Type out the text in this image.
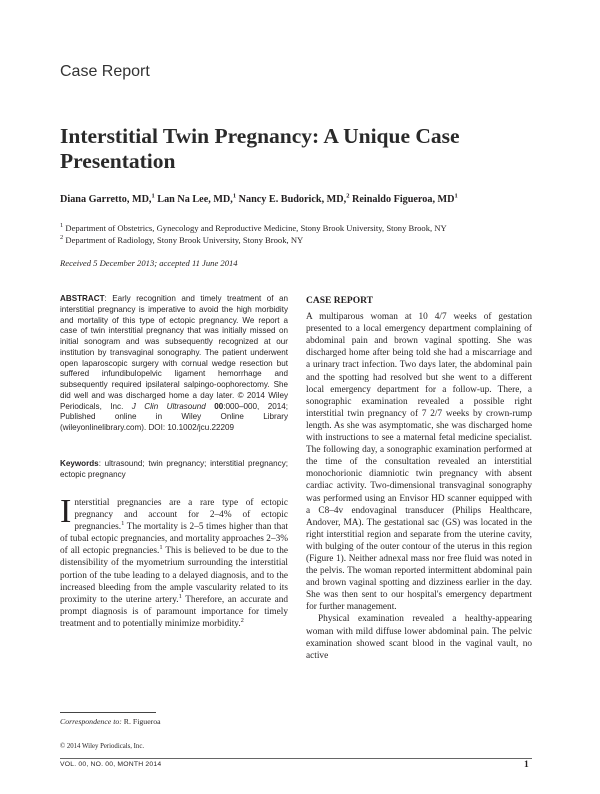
Case Report
Interstitial Twin Pregnancy: A Unique Case Presentation
Diana Garretto, MD,$^1$ Lan Na Lee, MD,$^1$ Nancy E. Budorick, MD,$^2$ Reinaldo Figueroa, $MD^1$
$^1$ Department of Obstetrics, Gynecology and Reproductive Medicine, Stony Brook University, Stony Brook, NY
$^2$ Department of Radiology, Stony Brook University, Stony Brook, NY
Received 5 December 2013; accepted 11 June 2014
ABSTRACT: Early recognition and timely treatment of an interstitial pregnancy is imperative to avoid the high morbidity and mortality of this type of ectopic pregnancy. We report a case of twin interstitial pregnancy that was initially missed on initial sonogram and was subsequently recognized at our institution by transvaginal sonography. The patient underwent open laparoscopic surgery with cornual wedge resection but suffered infundibulopelvic ligament hemorrhage and subsequently required ipsilateral salpingo-oophorectomy. She did well and was discharged home a day later. © 2014 Wiley Periodicals, Inc. J Clin Ultrasound 00:000–000, 2014; Published online in Wiley Online Library (wileyonlinelibrary.com). DOI: 10.1002/jcu.22209
Keywords: ultrasound; twin pregnancy; interstitial pregnancy; ectopic pregnancy
Interstitial pregnancies are a rare type of ectopic pregnancy and account for 2–4% of ectopic pregnancies.$^1$ The mortality is 2–5 times higher than that of tubal ectopic pregnancies, and mortality approaches 2–3% of all ectopic pregnancies.$^1$ This is believed to be due to the distensibility of the myometrium surrounding the interstitial portion of the tube leading to a delayed diagnosis, and to the increased bleeding from the ample vascularity related to its proximity to the uterine artery.$^1$ Therefore, an accurate and prompt diagnosis is of paramount importance for timely treatment and to potentially minimize morbidity.$^2$
CASE REPORT

A multiparous woman at 10 4/7 weeks of gestation presented to a local emergency department complaining of abdominal pain and brown vaginal spotting. She was discharged home after being told she had a miscarriage and a urinary tract infection. Two days later, the abdominal pain and the spotting had resolved but she went to a different local emergency department for a follow-up. There, a sonographic examination revealed a possible right interstitial twin pregnancy of 7 2/7 weeks by crown-rump length. As she was asymptomatic, she was discharged home with instructions to see a maternal fetal medicine specialist. The following day, a sonographic examination performed at the time of the consultation revealed an interstitial monochorionic diamniotic twin pregnancy with absent cardiac activity. Two-dimensional transvaginal sonography was performed using an Envisor HD scanner equipped with a C8–4v endovaginal transducer (Philips Healthcare, Andover, MA). The gestational sac (GS) was located in the right interstitial region and separate from the uterine cavity, with bulging of the outer contour of the uterus in this region (Figure 1). Neither adnexal mass nor free fluid was noted in the pelvis. The woman reported intermittent abdominal pain and brown vaginal spotting and dizziness earlier in the day. She was then sent to our hospital's emergency department for further management.

Physical examination revealed a healthy-appearing woman with mild diffuse lower abdominal pain. The pelvic examination showed scant blood in the vaginal vault, no active

Correspondence to: R. Figueroa
© 2014 Wiley Periodicals, Inc.
VOL. 00, NO. 00, MONTH 2014	1
